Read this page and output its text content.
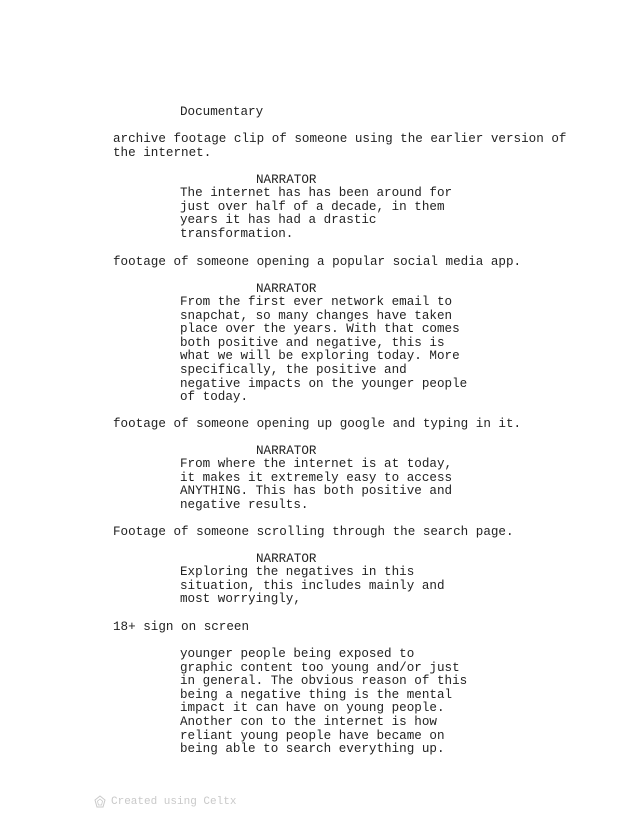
Documentary
archive footage clip of someone using the earlier version of
the internet.
NARRATOR
The internet has has been around for
just over half of a decade, in them
years it has had a drastic
transformation.
footage of someone opening a popular social media app.
NARRATOR
From the first ever network email to
snapchat, so many changes have taken
place over the years. With that comes
both positive and negative, this is
what we will be exploring today. More
specifically, the positive and
negative impacts on the younger people
of today.
footage of someone opening up google and typing in it.
NARRATOR
From where the internet is at today,
it makes it extremely easy to access
ANYTHING. This has both positive and
negative results.
Footage of someone scrolling through the search page.
NARRATOR
Exploring the negatives in this
situation, this includes mainly and
most worryingly,
18+ sign on screen
younger people being exposed to
graphic content too young and/or just
in general. The obvious reason of this
being a negative thing is the mental
impact it can have on young people.
Another con to the internet is how
reliant young people have became on
being able to search everything up.
Created using Celtx
